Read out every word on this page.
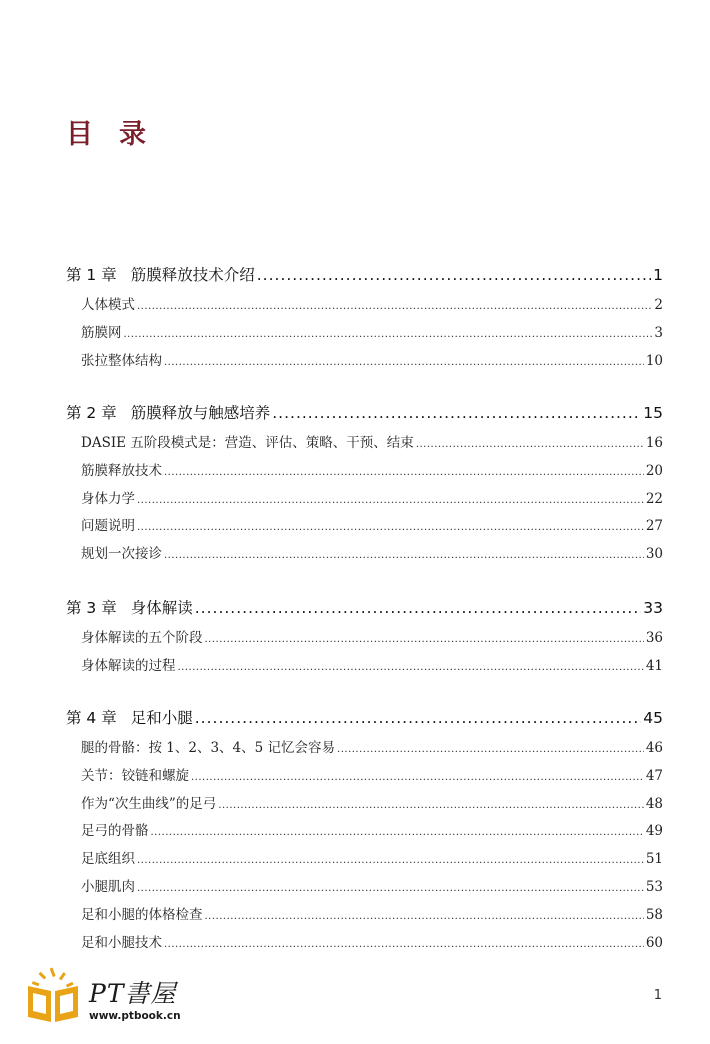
目录
第 1 章 筋膜释放技术介绍 .....	1
人体模式 .....	2
筋膜网 .....	3
张拉整体结构 .....	10
第 2 章 筋膜释放与触感培养 .....	15
DASIE 五阶段模式是：营造、评估、策略、干预、结束 .....	16
筋膜释放技术 .....	20
身体力学 .....	22
问题说明 .....	27
规划一次接诊 .....	30
第 3 章 身体解读 .....	33
身体解读的五个阶段 .....	36
身体解读的过程 .....	41
第 4 章 足和小腿 .....	45
腿的骨骼：按 1、2、3、4、5 记忆会容易 .....	46
关节：铰链和螺旋 .....	47
作为“次生曲线”的足弓 .....	48
足弓的骨骼 .....	49
足底组织 .....	51
小腿肌肉 .....	53
足和小腿的体格检查 .....	58
足和小腿技术 .....	60
PT書屋
www.ptbook.cn
1
